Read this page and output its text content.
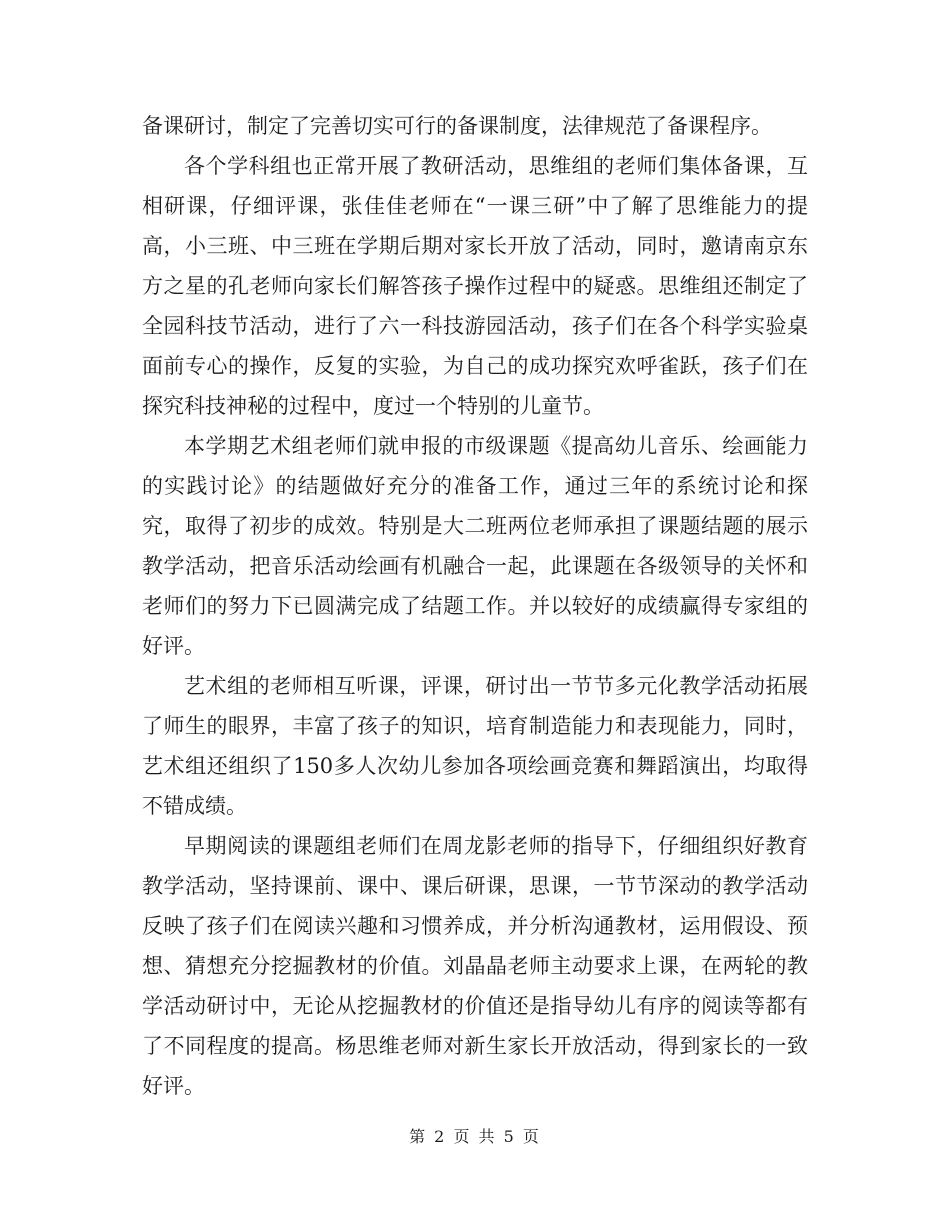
备课研讨，制定了完善切实可行的备课制度，法律规范了备课程序。

各个学科组也正常开展了教研活动，思维组的老师们集体备课，互相研课，仔细评课，张佳佳老师在“一课三研”中了解了思维能力的提高，小三班、中三班在学期后期对家长开放了活动，同时，邀请南京东方之星的孔老师向家长们解答孩子操作过程中的疑惑。思维组还制定了全园科技节活动，进行了六一科技游园活动，孩子们在各个科学实验桌面前专心的操作，反复的实验，为自己的成功探究欢呼雀跃，孩子们在探究科技神秘的过程中，度过一个特别的儿童节。

本学期艺术组老师们就申报的市级课题《提高幼儿音乐、绘画能力的实践讨论》的结题做好充分的准备工作，通过三年的系统讨论和探究，取得了初步的成效。特别是大二班两位老师承担了课题结题的展示教学活动，把音乐活动绘画有机融合一起，此课题在各级领导的关怀和老师们的努力下已圆满完成了结题工作。并以较好的成绩赢得专家组的好评。

艺术组的老师相互听课，评课，研讨出一节节多元化教学活动拓展了师生的眼界，丰富了孩子的知识，培育制造能力和表现能力，同时，艺术组还组织了150多人次幼儿参加各项绘画竞赛和舞蹈演出，均取得不错成绩。

早期阅读的课题组老师们在周龙影老师的指导下，仔细组织好教育教学活动，坚持课前、课中、课后研课，思课，一节节深动的教学活动反映了孩子们在阅读兴趣和习惯养成，并分析沟通教材，运用假设、预想、猜想充分挖掘教材的价值。刘晶晶老师主动要求上课，在两轮的教学活动研讨中，无论从挖掘教材的价值还是指导幼儿有序的阅读等都有了不同程度的提高。杨思维老师对新生家长开放活动，得到家长的一致好评。

第 2 页 共 5 页
